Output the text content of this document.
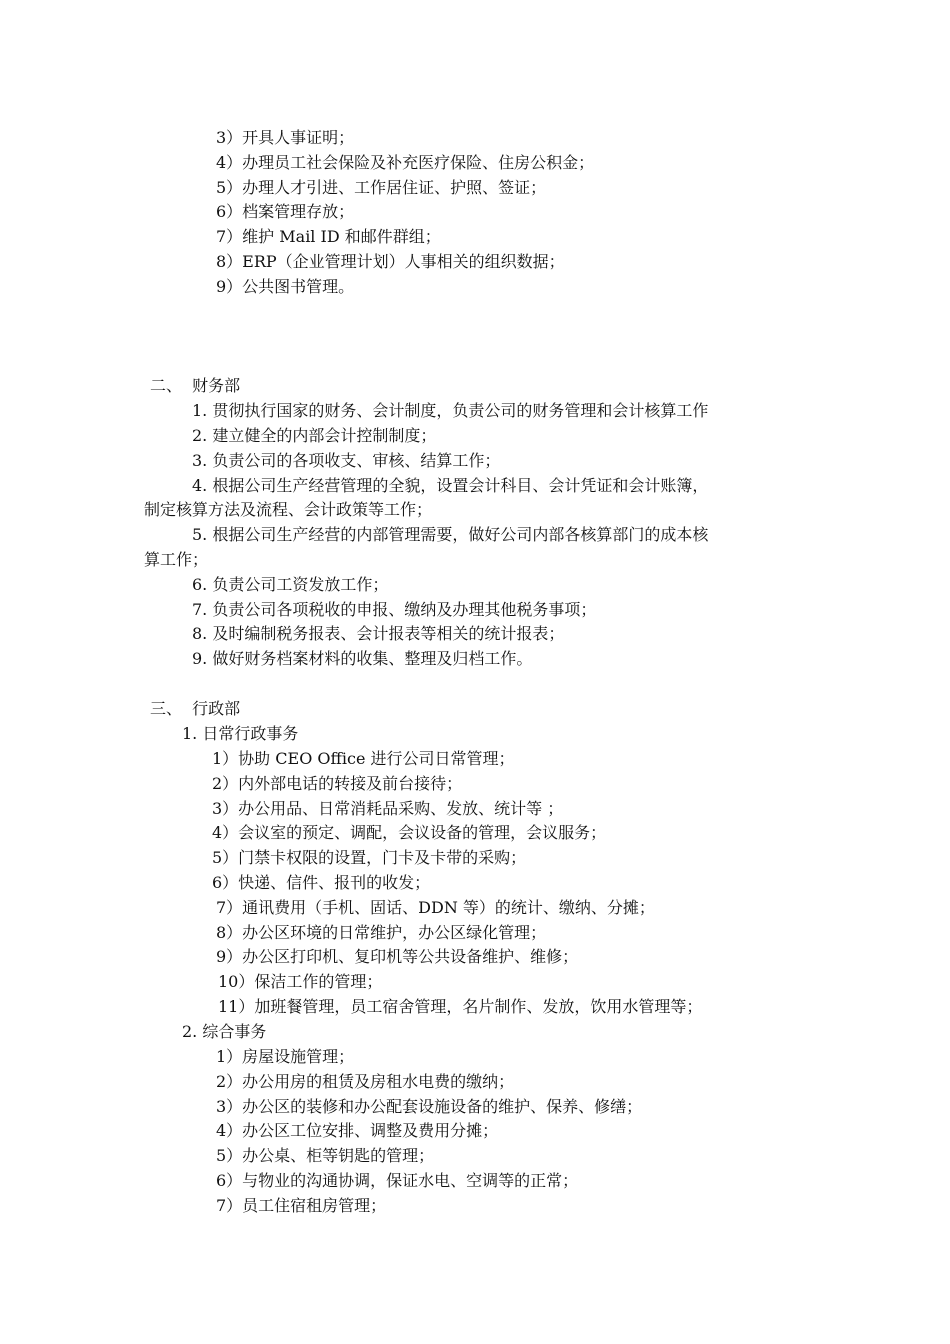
3）开具人事证明；
4）办理员工社会保险及补充医疗保险、住房公积金；
5）办理人才引进、工作居住证、护照、签证；
6）档案管理存放；
7）维护 Mail ID 和邮件群组；
8）ERP（企业管理计划）人事相关的组织数据；
9）公共图书管理。
二、  财务部
1. 贯彻执行国家的财务、会计制度，负责公司的财务管理和会计核算工作
2. 建立健全的内部会计控制制度；
3. 负责公司的各项收支、审核、结算工作；
4. 根据公司生产经营管理的全貌，设置会计科目、会计凭证和会计账簿，
制定核算方法及流程、会计政策等工作；
5. 根据公司生产经营的内部管理需要，做好公司内部各核算部门的成本核
算工作；
6. 负责公司工资发放工作；
7. 负责公司各项税收的申报、缴纳及办理其他税务事项；
8. 及时编制税务报表、会计报表等相关的统计报表；
9. 做好财务档案材料的收集、整理及归档工作。
三、  行政部
1. 日常行政事务
1）协助 CEO Office 进行公司日常管理；
2）内外部电话的转接及前台接待；
3）办公用品、日常消耗品采购、发放、统计等 ；
4）会议室的预定、调配，会议设备的管理，会议服务；
5）门禁卡权限的设置，门卡及卡带的采购；
6）快递、信件、报刊的收发；
7）通讯费用（手机、固话、DDN 等）的统计、缴纳、分摊；
8）办公区环境的日常维护，办公区绿化管理；
9）办公区打印机、复印机等公共设备维护、维修；
10）保洁工作的管理；
11）加班餐管理，员工宿舍管理，名片制作、发放，饮用水管理等；
2. 综合事务
1）房屋设施管理；
2）办公用房的租赁及房租水电费的缴纳；
3）办公区的装修和办公配套设施设备的维护、保养、修缮；
4）办公区工位安排、调整及费用分摊；
5）办公桌、柜等钥匙的管理；
6）与物业的沟通协调，保证水电、空调等的正常；
7）员工住宿租房管理；
